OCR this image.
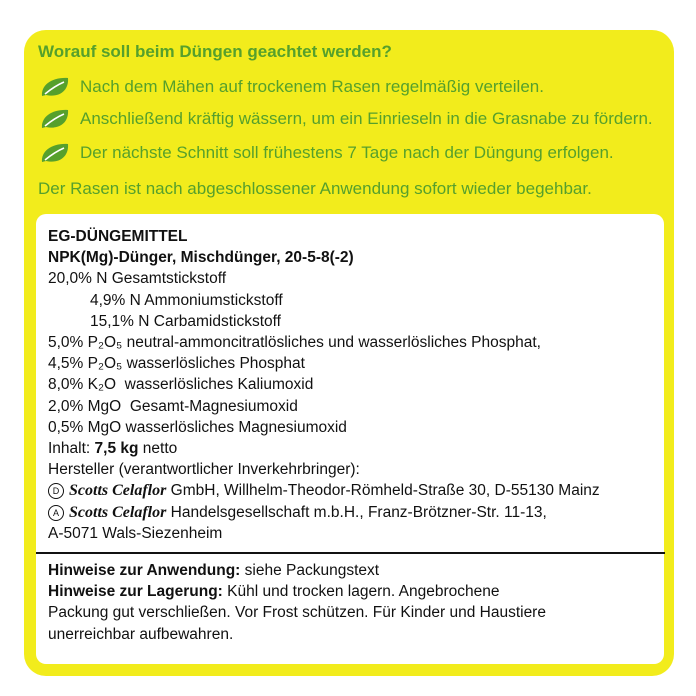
Worauf soll beim Düngen geachtet werden?
Nach dem Mähen auf trockenem Rasen regelmäßig verteilen.
Anschließend kräftig wässern, um ein Einrieseln in die Grasnabe zu fördern.
Der nächste Schnitt soll frühestens 7 Tage nach der Düngung erfolgen.
Der Rasen ist nach abgeschlossener Anwendung sofort wieder begehbar.
EG-DÜNGEMITTEL
NPK(Mg)-Dünger, Mischdünger, 20-5-8(-2)
20,0% N Gesamtstickstoff
4,9% N Ammoniumstickstoff
15,1% N Carbamidstickstoff
5,0% P₂O₅ neutral-ammoncitratlösliches und wasserlösliches Phosphat,
4,5% P₂O₅ wasserlösliches Phosphat
8,0% K₂O  wasserlösliches Kaliumoxid
2,0% MgO  Gesamt-Magnesiumoxid
0,5% MgO wasserlösliches Magnesiumoxid
Inhalt: 7,5 kg netto
Hersteller (verantwortlicher Inverkehrbringer):
D Scotts Celaflor GmbH, Willhelm-Theodor-Römheld-Straße 30, D-55130 Mainz
A Scotts Celaflor Handelsgesellschaft m.b.H., Franz-Brötzner-Str. 11-13,
A-5071 Wals-Siezenheim
Hinweise zur Anwendung: siehe Packungstext
Hinweise zur Lagerung: Kühl und trocken lagern. Angebrochene
Packung gut verschließen. Vor Frost schützen. Für Kinder und Haustiere
unerreichbar aufbewahren.
